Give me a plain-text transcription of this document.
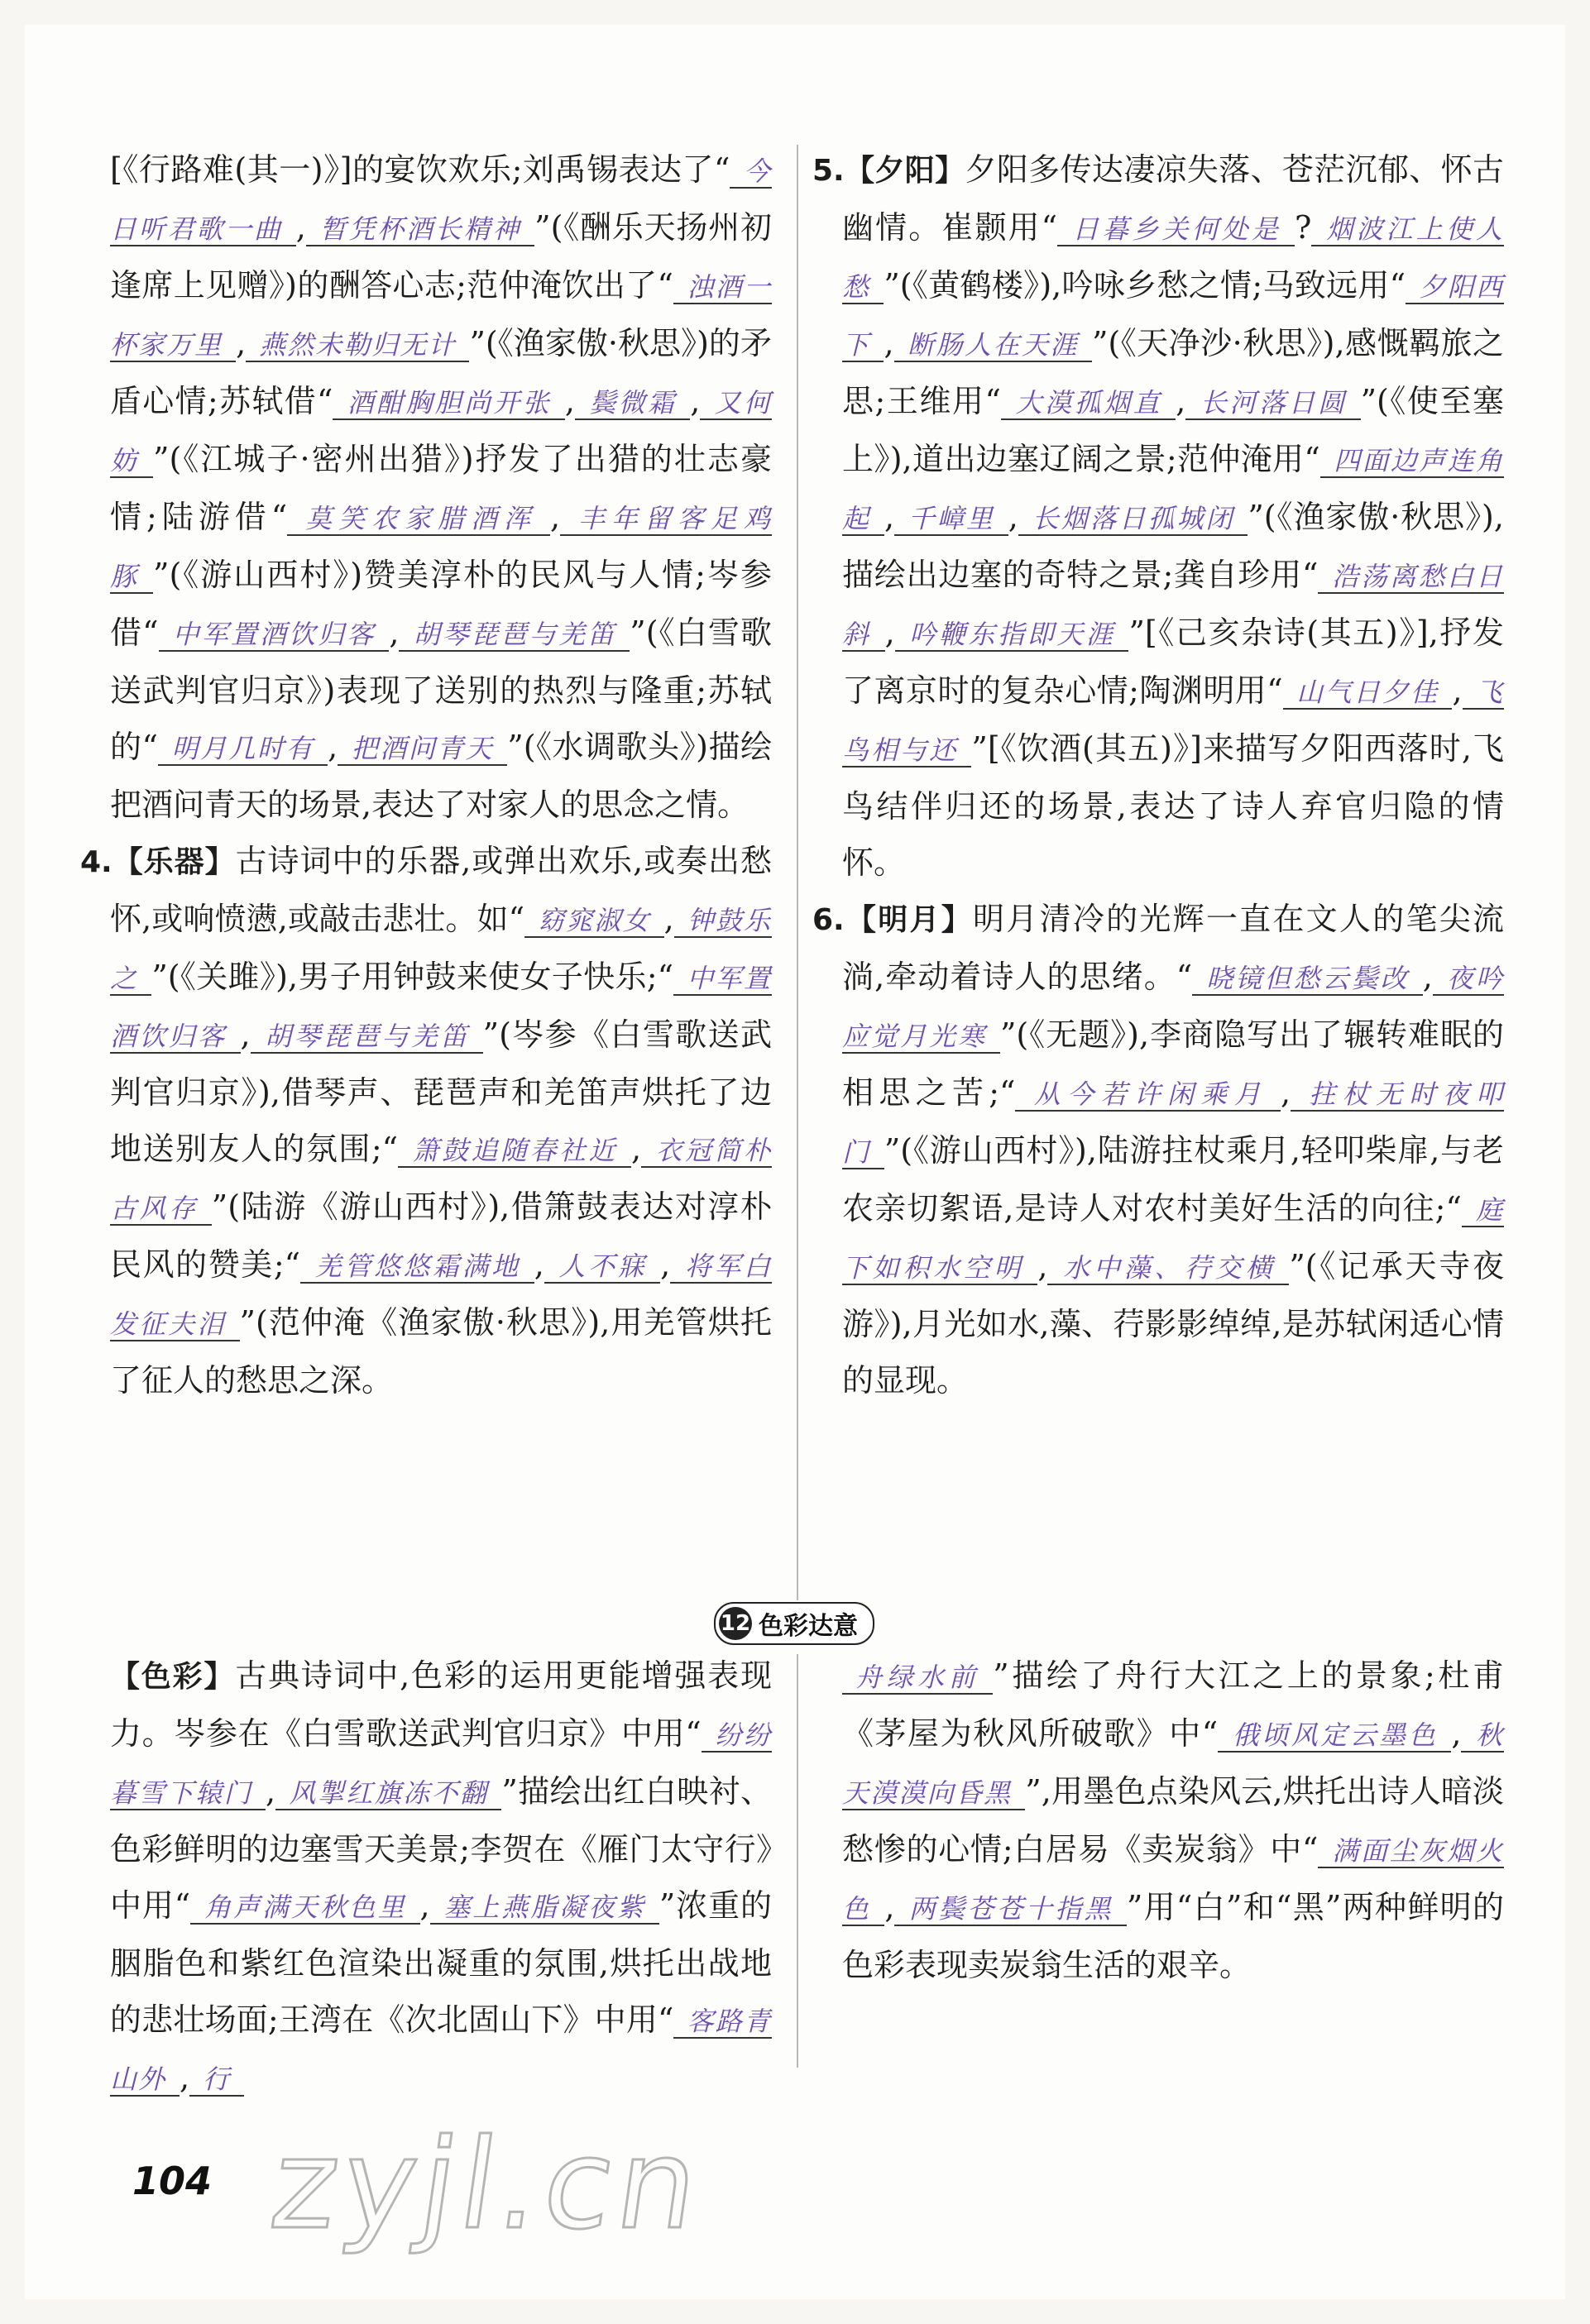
[《行路难(其一)》]的宴饮欢乐;刘禹锡表达了“ 今日听君歌一曲 , 暂凭杯酒长精神 ”(《酬乐天扬州初逢席上见赠》)的酬答心志;范仲淹饮出了“ 浊酒一杯家万里 , 燕然未勒归无计 ”(《渔家傲·秋思》)的矛盾心情;苏轼借“ 酒酣胸胆尚开张 , 鬓微霜 , 又何妨 ”(《江城子·密州出猎》)抒发了出猎的壮志豪情;陆游借“ 莫笑农家腊酒浑 , 丰年留客足鸡豚 ”(《游山西村》)赞美淳朴的民风与人情;岑参借“ 中军置酒饮归客 , 胡琴琵琶与羌笛 ”(《白雪歌送武判官归京》)表现了送别的热烈与隆重;苏轼的“ 明月几时有 , 把酒问青天 ”(《水调歌头》)描绘把酒问青天的场景,表达了对家人的思念之情。

4.【乐器】古诗词中的乐器,或弹出欢乐,或奏出愁怀,或响愤懑,或敲击悲壮。如“ 窈窕淑女 , 钟鼓乐之 ”(《关雎》),男子用钟鼓来使女子快乐;“ 中军置酒饮归客 , 胡琴琵琶与羌笛 ”(岑参《白雪歌送武判官归京》),借琴声、琵琶声和羌笛声烘托了边地送别友人的氛围;“ 箫鼓追随春社近 , 衣冠简朴古风存 ”(陆游《游山西村》),借箫鼓表达对淳朴民风的赞美;“ 羌管悠悠霜满地 , 人不寐 , 将军白发征夫泪 ”(范仲淹《渔家傲·秋思》),用羌管烘托了征人的愁思之深。

5.【夕阳】夕阳多传达凄凉失落、苍茫沉郁、怀古幽情。崔颢用“ 日暮乡关何处是 ? 烟波江上使人愁 ”(《黄鹤楼》),吟咏乡愁之情;马致远用“ 夕阳西下 , 断肠人在天涯 ”(《天净沙·秋思》),感慨羁旅之思;王维用“ 大漠孤烟直 , 长河落日圆 ”(《使至塞上》),道出边塞辽阔之景;范仲淹用“ 四面边声连角起 , 千嶂里 , 长烟落日孤城闭 ”(《渔家傲·秋思》),描绘出边塞的奇特之景;龚自珍用“ 浩荡离愁白日斜 , 吟鞭东指即天涯 ”[《己亥杂诗(其五)》],抒发了离京时的复杂心情;陶渊明用“ 山气日夕佳 , 飞鸟相与还 ”[《饮酒(其五)》]来描写夕阳西落时,飞鸟结伴归还的场景,表达了诗人弃官归隐的情怀。

6.【明月】明月清冷的光辉一直在文人的笔尖流淌,牵动着诗人的思绪。“ 晓镜但愁云鬓改 , 夜吟应觉月光寒 ”(《无题》),李商隐写出了辗转难眠的相思之苦;“ 从今若许闲乘月 , 拄杖无时夜叩门 ”(《游山西村》),陆游拄杖乘月,轻叩柴扉,与老农亲切絮语,是诗人对农村美好生活的向往;“ 庭下如积水空明 , 水中藻、荇交横 ”(《记承天寺夜游》),月光如水,藻、荇影影绰绰,是苏轼闲适心情的显现。

12 色彩达意

【色彩】古典诗词中,色彩的运用更能增强表现力。岑参在《白雪歌送武判官归京》中用“ 纷纷暮雪下辕门 , 风掣红旗冻不翻 ”描绘出红白映衬、色彩鲜明的边塞雪天美景;李贺在《雁门太守行》中用“ 角声满天秋色里 , 塞上燕脂凝夜紫 ”浓重的胭脂色和紫红色渲染出凝重的氛围,烘托出战地的悲壮场面;王湾在《次北固山下》中用“ 客路青山外 , 行

舟绿水前 ”描绘了舟行大江之上的景象;杜甫《茅屋为秋风所破歌》中“ 俄顷风定云墨色 , 秋天漠漠向昏黑 ”,用墨色点染风云,烘托出诗人暗淡愁惨的心情;白居易《卖炭翁》中“ 满面尘灰烟火色 , 两鬓苍苍十指黑 ”用“白”和“黑”两种鲜明的色彩表现卖炭翁生活的艰辛。

104 zyjl.cn
